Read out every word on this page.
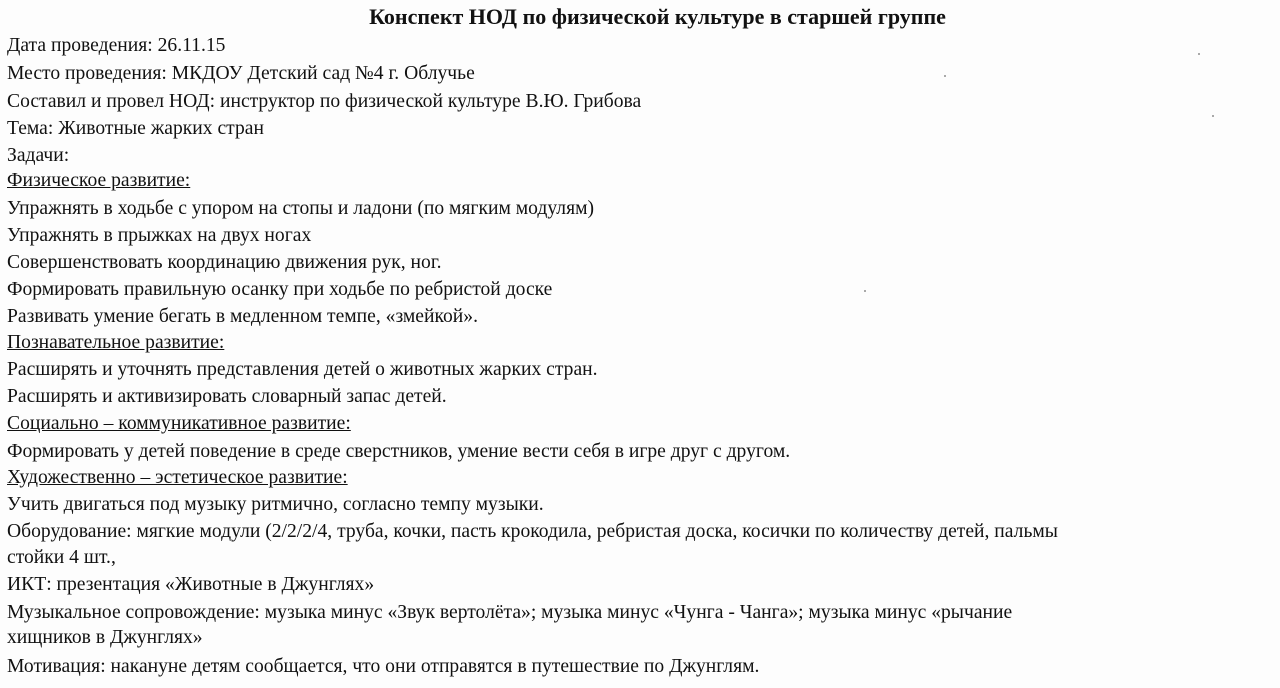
Конспект НОД по физической культуре в старшей группе
Дата проведения: 26.11.15
Место проведения: МКДОУ Детский сад №4 г. Облучье
Составил и провел НОД: инструктор по физической культуре В.Ю. Грибова
Тема: Животные жарких стран
Задачи:
Физическое развитие:
Упражнять в ходьбе с упором на стопы и ладони (по мягким модулям)
Упражнять в прыжках на двух ногах
Совершенствовать координацию движения рук, ног.
Формировать правильную осанку при ходьбе по ребристой доске
Развивать умение бегать в медленном темпе, «змейкой».
Познавательное развитие:
Расширять и уточнять представления детей о животных жарких стран.
Расширять и активизировать словарный запас детей.
Социально – коммуникативное развитие:
Формировать у детей поведение в среде сверстников, умение вести себя в игре друг с другом.
Художественно – эстетическое развитие:
Учить двигаться под музыку ритмично, согласно темпу музыки.
Оборудование: мягкие модули (2/2/2/4, труба, кочки, пасть крокодила, ребристая доска, косички по количеству детей, пальмы
стойки 4 шт.,
ИКТ: презентация «Животные в Джунглях»
Музыкальное сопровождение: музыка минус «Звук вертолёта»; музыка минус «Чунга - Чанга»; музыка минус «рычание
хищников в Джунглях»
Мотивация: накануне детям сообщается, что они отправятся в путешествие по Джунглям.
